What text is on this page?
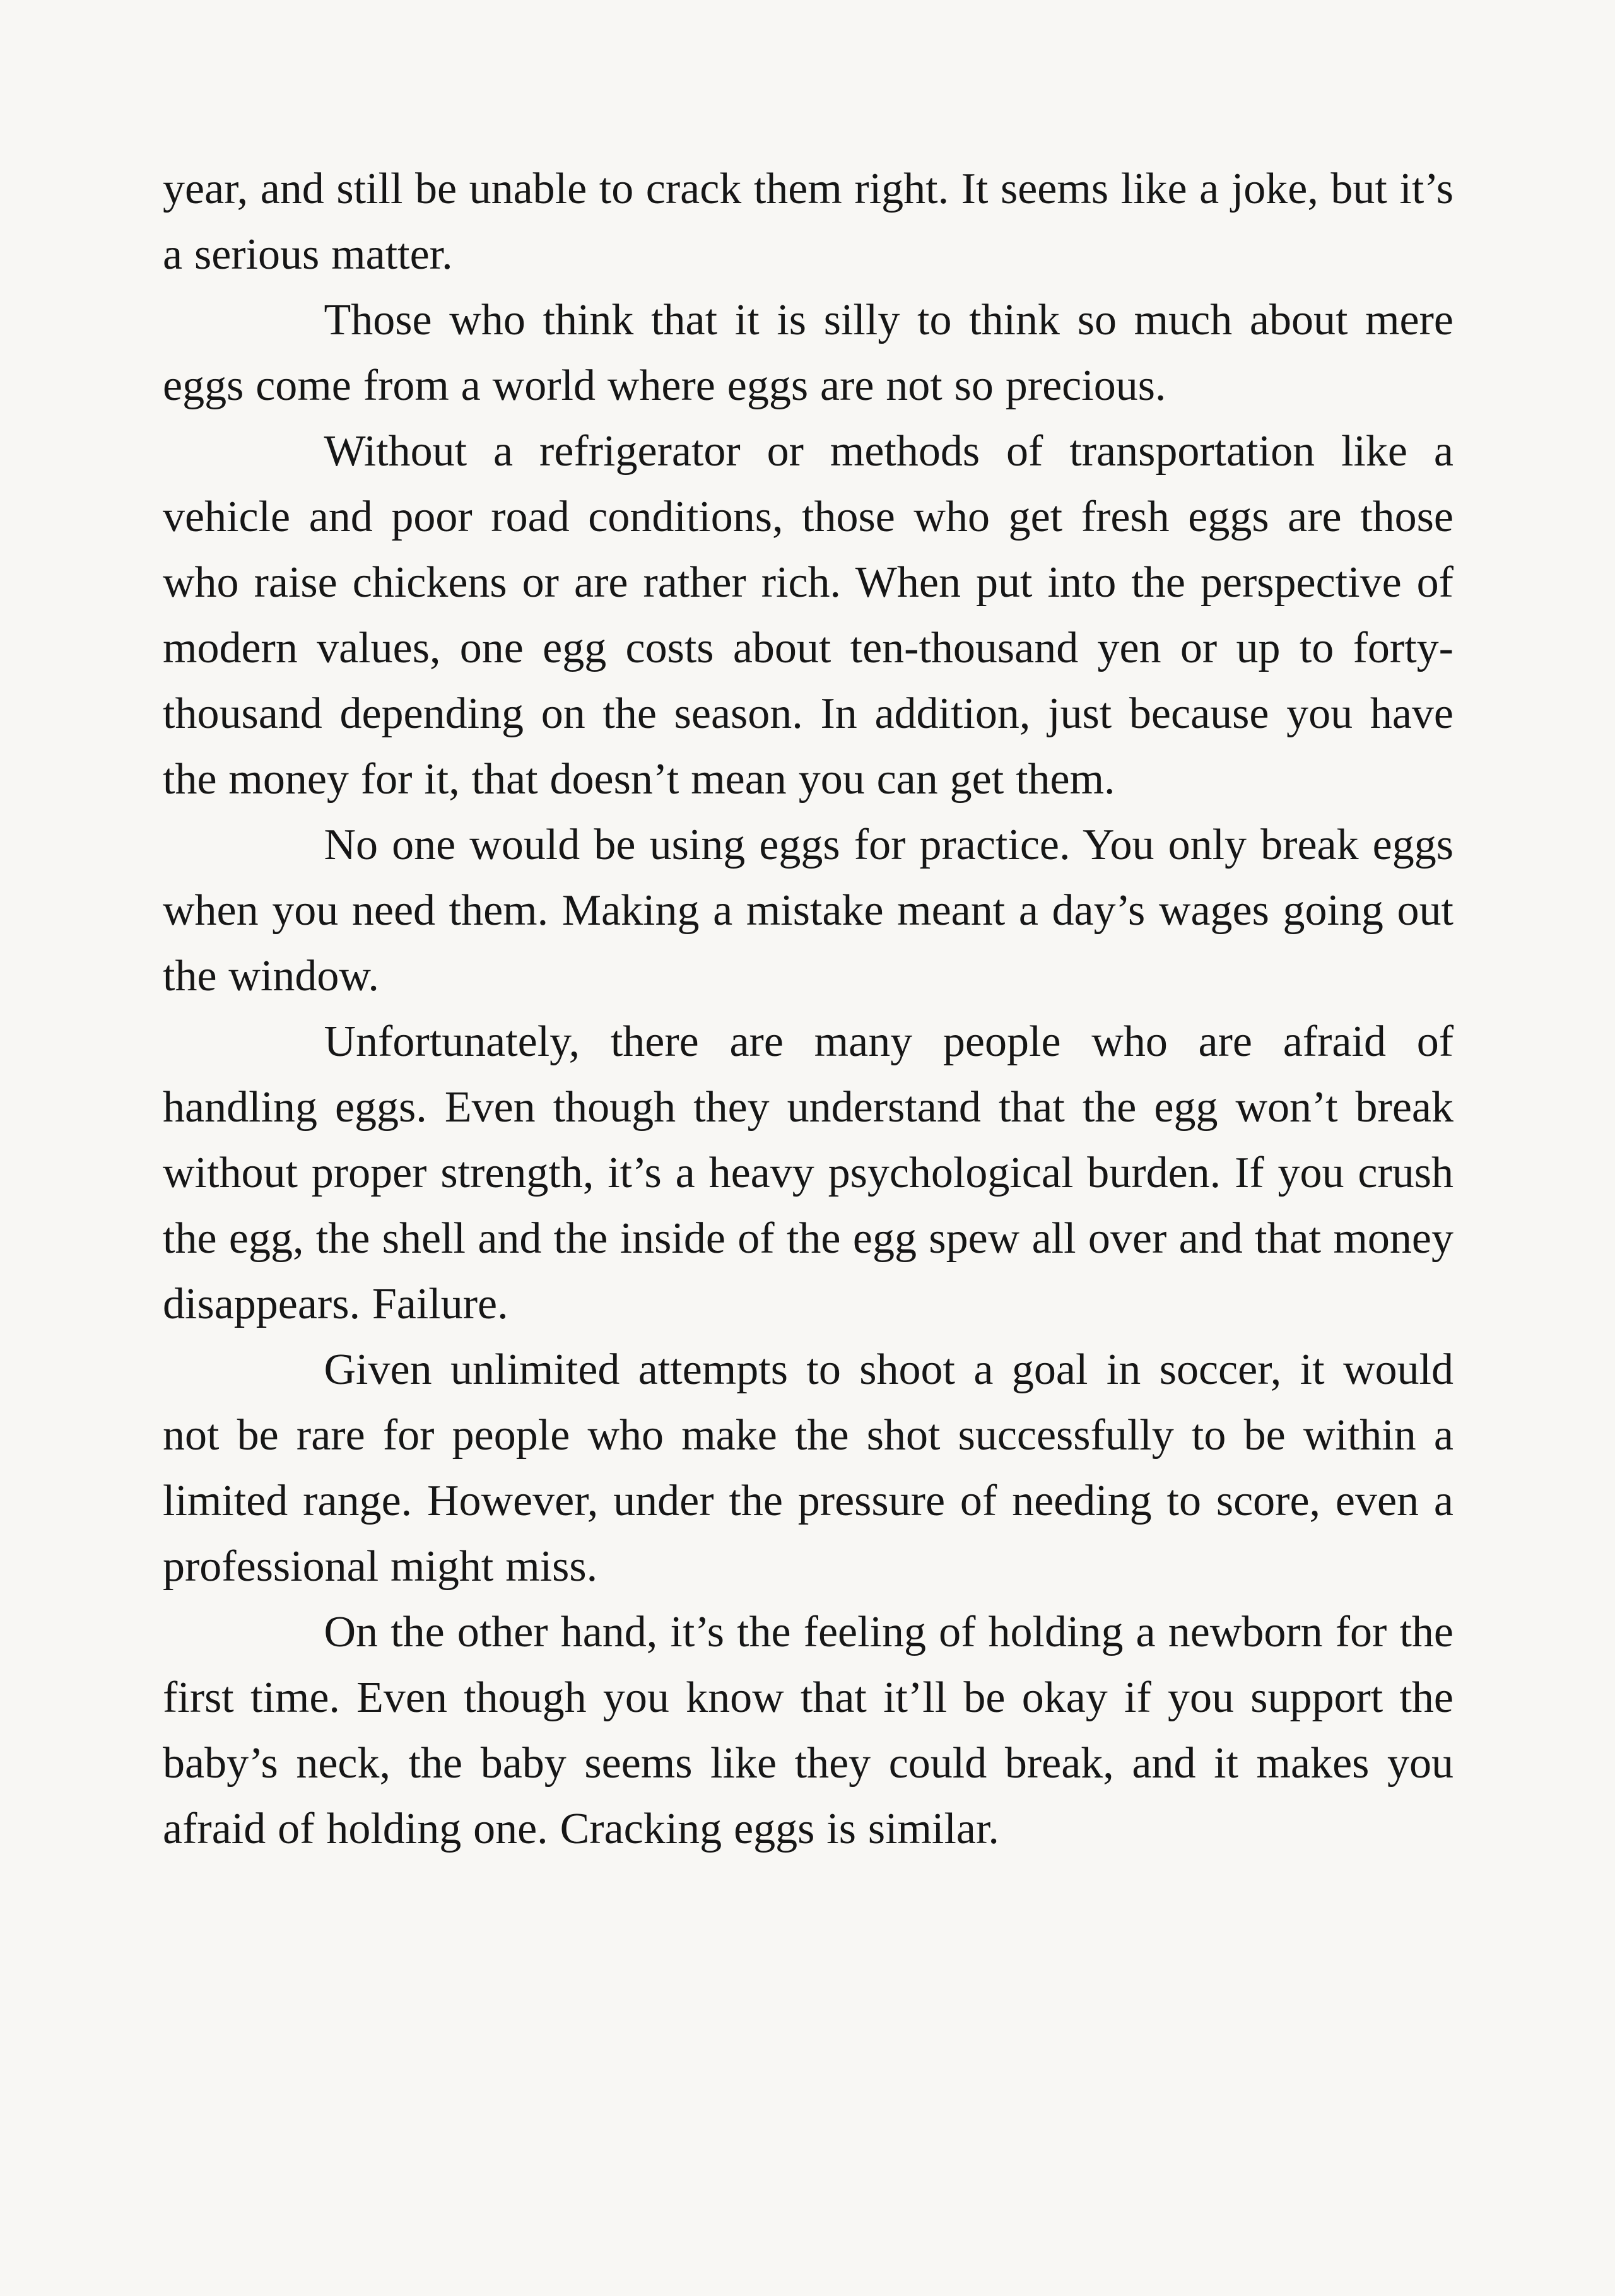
year, and still be unable to crack them right. It seems like a joke, but it’s a serious matter.

Those who think that it is silly to think so much about mere eggs come from a world where eggs are not so precious.

Without a refrigerator or methods of transportation like a vehicle and poor road conditions, those who get fresh eggs are those who raise chickens or are rather rich. When put into the perspective of modern values, one egg costs about ten-thousand yen or up to forty-thousand depending on the season. In addition, just because you have the money for it, that doesn’t mean you can get them.

No one would be using eggs for practice. You only break eggs when you need them. Making a mistake meant a day’s wages going out the window.

Unfortunately, there are many people who are afraid of handling eggs. Even though they understand that the egg won’t break without proper strength, it’s a heavy psychological burden. If you crush the egg, the shell and the inside of the egg spew all over and that money disappears. Failure.

Given unlimited attempts to shoot a goal in soccer, it would not be rare for people who make the shot successfully to be within a limited range. However, under the pressure of needing to score, even a professional might miss.

On the other hand, it’s the feeling of holding a newborn for the first time. Even though you know that it’ll be okay if you support the baby’s neck, the baby seems like they could break, and it makes you afraid of holding one. Cracking eggs is similar.
